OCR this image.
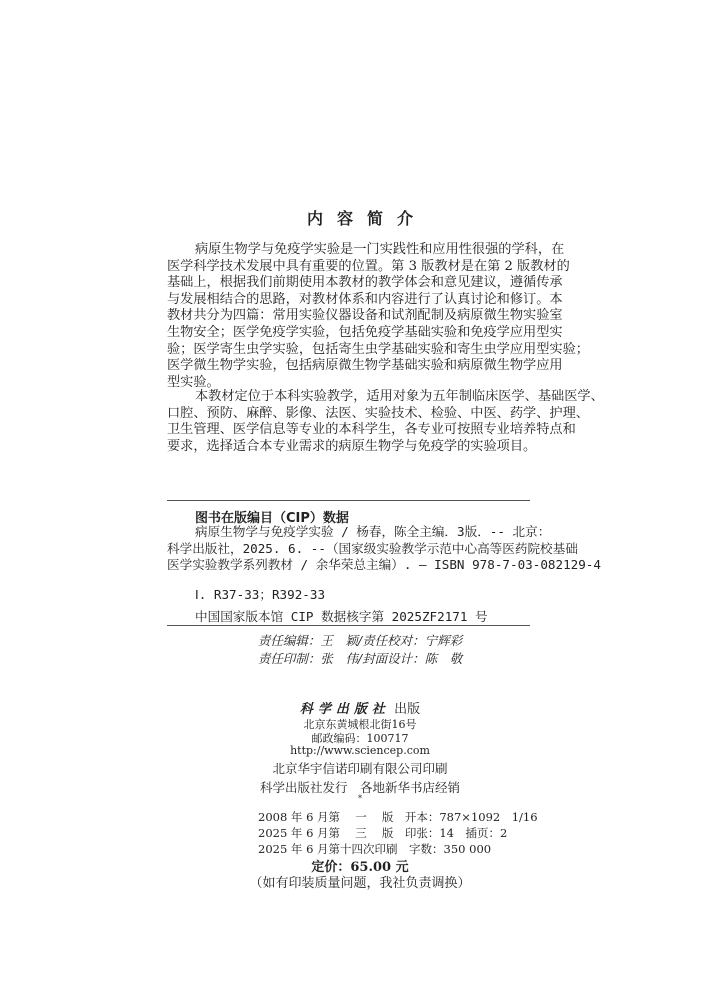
内容简介
病原生物学与免疫学实验是一门实践性和应用性很强的学科，在
医学科学技术发展中具有重要的位置。第 3 版教材是在第 2 版教材的
基础上，根据我们前期使用本教材的教学体会和意见建议，遵循传承
与发展相结合的思路，对教材体系和内容进行了认真讨论和修订。本
教材共分为四篇：常用实验仪器设备和试剂配制及病原微生物实验室
生物安全；医学免疫学实验，包括免疫学基础实验和免疫学应用型实
验；医学寄生虫学实验，包括寄生虫学基础实验和寄生虫学应用型实验；
医学微生物学实验，包括病原微生物学基础实验和病原微生物学应用
型实验。
本教材定位于本科实验教学，适用对象为五年制临床医学、基础医学、
口腔、预防、麻醉、影像、法医、实验技术、检验、中医、药学、护理、
卫生管理、医学信息等专业的本科学生，各专业可按照专业培养特点和
要求，选择适合本专业需求的病原生物学与免疫学的实验项目。
图书在版编目（CIP）数据
病原生物学与免疫学实验 / 杨春，陈全主编．3版．-- 北京：
科学出版社，2025. 6. --（国家级实验教学示范中心高等医药院校基础
医学实验教学系列教材 / 余华荣总主编）. — ISBN 978-7-03-082129-4
Ⅰ. R37-33；R392-33
中国国家版本馆 CIP 数据核字第 2025ZF2171 号
责任编辑：王　颖/责任校对：宁辉彩
责任印制：张　伟/封面设计：陈　敬
科学出版社 出版
北京东黄城根北街16号
邮政编码：100717
http://www.sciencep.com
北京华宇信诺印刷有限公司印刷
科学出版社发行　各地新华书店经销
*
2008 年 6 月第　 一 　版　开本：787×1092　1/16
2025 年 6 月第　 三 　版　印张：14　插页：2
2025 年 6 月第十四次印刷　字数：350 000
定价：65.00 元
（如有印装质量问题，我社负责调换）
